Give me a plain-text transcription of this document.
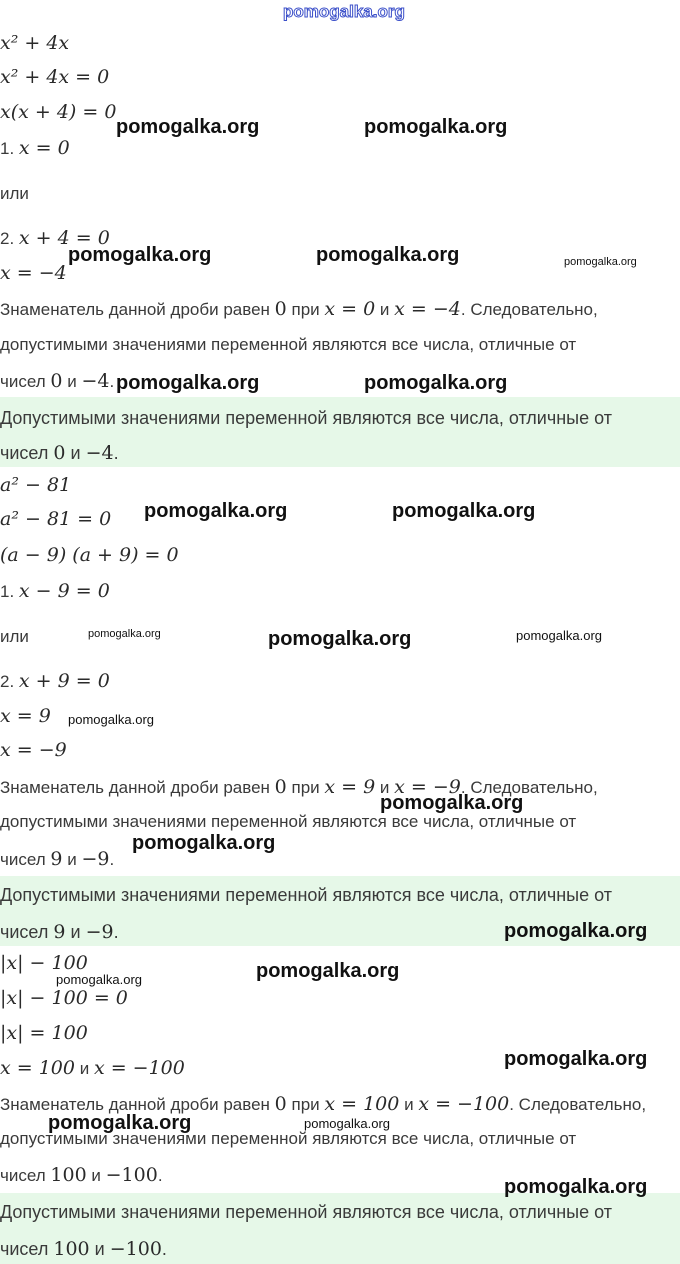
x² + 4x
x² + 4x = 0
x(x + 4) = 0
1. x = 0
или
2. x + 4 = 0
x = −4
Знаменатель данной дроби равен 0 при x = 0 и x = −4. Следовательно,
допустимыми значениями переменной являются все числа, отличные от
чисел 0 и −4.
Допустимыми значениями переменной являются все числа, отличные от
чисел 0 и −4.
a² − 81
a² − 81 = 0
(a − 9) (a + 9) = 0
1. x − 9 = 0
или
2. x + 9 = 0
x = 9
x = −9
Знаменатель данной дроби равен 0 при x = 9 и x = −9. Следовательно,
допустимыми значениями переменной являются все числа, отличные от
чисел 9 и −9.
Допустимыми значениями переменной являются все числа, отличные от
чисел 9 и −9.
|x| − 100
|x| − 100 = 0
|x| = 100
x = 100 и x = −100
Знаменатель данной дроби равен 0 при x = 100 и x = −100. Следовательно,
допустимыми значениями переменной являются все числа, отличные от
чисел 100 и −100.
Допустимыми значениями переменной являются все числа, отличные от
чисел 100 и −100.
pomogalka.org
pomogalka.org	pomogalka.org
pomogalka.org	pomogalka.org	pomogalka.org
pomogalka.org	pomogalka.org
pomogalka.org	pomogalka.org
pomogalka.org	pomogalka.org	pomogalka.org
pomogalka.org
pomogalka.org
pomogalka.org
pomogalka.org
pomogalka.org
pomogalka.org
pomogalka.org
pomogalka.org	pomogalka.org
pomogalka.org
